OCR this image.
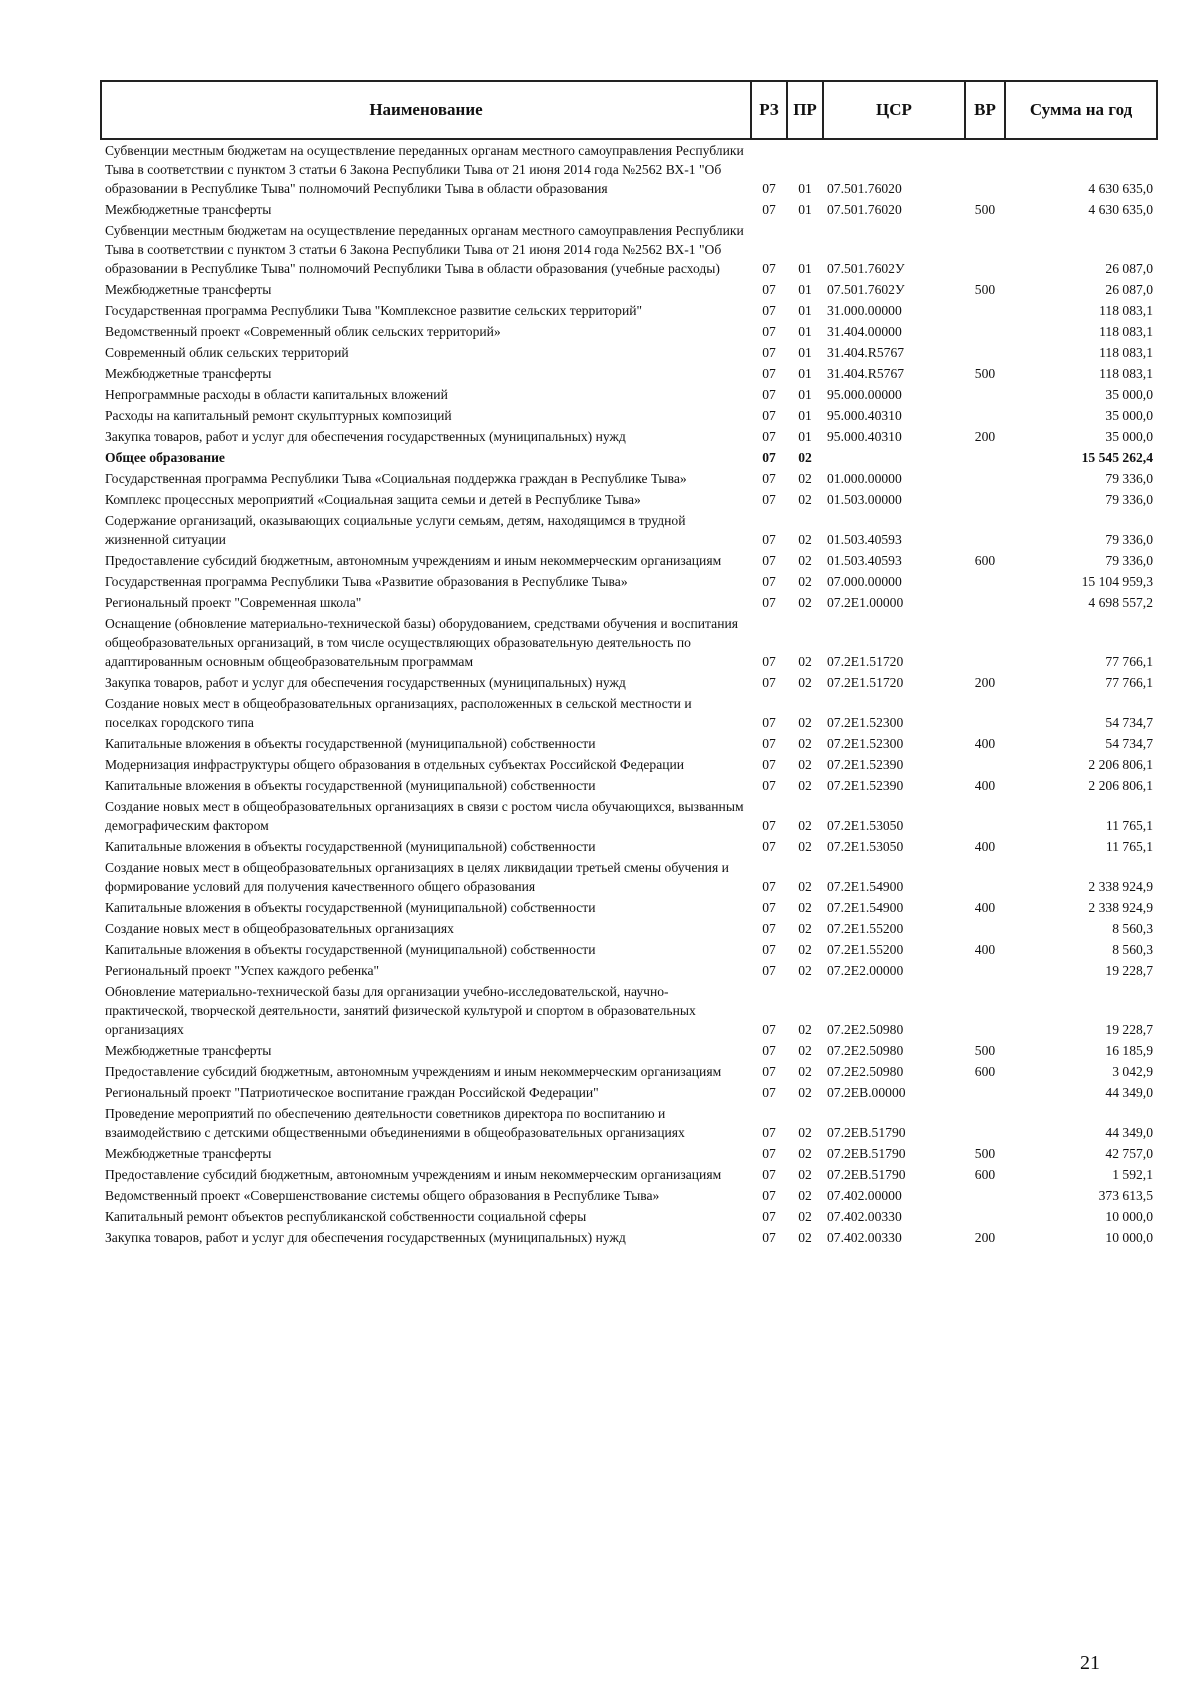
Наименование	РЗ	ПР	ЦСР	ВР	Сумма на год
Субвенции местным бюджетам на осуществление переданных органам местного самоуправления Республики Тыва в соответствии с пунктом 3 статьи 6 Закона Республики Тыва от 21 июня 2014 года №2562 ВХ-1 "Об образовании в Республике Тыва" полномочий Республики Тыва в области образования	07	01	07.501.76020		4 630 635,0
Межбюджетные трансферты	07	01	07.501.76020	500	4 630 635,0
Субвенции местным бюджетам на осуществление переданных органам местного самоуправления Республики Тыва в соответствии с пунктом 3 статьи 6 Закона Республики Тыва от 21 июня 2014 года №2562 ВХ-1 "Об образовании в Республике Тыва" полномочий Республики Тыва в области образования (учебные расходы)	07	01	07.501.7602У		26 087,0
Межбюджетные трансферты	07	01	07.501.7602У	500	26 087,0
Государственная программа Республики Тыва "Комплексное развитие сельских территорий"	07	01	31.000.00000		118 083,1
Ведомственный проект «Современный облик сельских территорий»	07	01	31.404.00000		118 083,1
Современный облик сельских территорий	07	01	31.404.R5767		118 083,1
Межбюджетные трансферты	07	01	31.404.R5767	500	118 083,1
Непрограммные расходы в области капитальных вложений	07	01	95.000.00000		35 000,0
Расходы на капитальный ремонт скульптурных композиций	07	01	95.000.40310		35 000,0
Закупка товаров, работ и услуг для обеспечения государственных (муниципальных) нужд	07	01	95.000.40310	200	35 000,0
Общее образование	07	02			15 545 262,4
Государственная программа Республики Тыва «Социальная поддержка граждан в Республике Тыва»	07	02	01.000.00000		79 336,0
Комплекс процессных мероприятий «Социальная защита семьи и детей в Республике Тыва»	07	02	01.503.00000		79 336,0
Содержание организаций, оказывающих социальные услуги семьям, детям, находящимся в трудной жизненной ситуации	07	02	01.503.40593		79 336,0
Предоставление субсидий бюджетным, автономным учреждениям и иным некоммерческим организациям	07	02	01.503.40593	600	79 336,0
Государственная программа Республики Тыва «Развитие образования в Республике Тыва»	07	02	07.000.00000		15 104 959,3
Региональный проект "Современная школа"	07	02	07.2Е1.00000		4 698 557,2
Оснащение (обновление материально-технической базы) оборудованием, средствами обучения и воспитания общеобразовательных организаций, в том числе осуществляющих образовательную деятельность по адаптированным основным общеобразовательным программам	07	02	07.2Е1.51720		77 766,1
Закупка товаров, работ и услуг для обеспечения государственных (муниципальных) нужд	07	02	07.2Е1.51720	200	77 766,1
Создание новых мест в общеобразовательных организациях, расположенных в сельской местности и поселках городского типа	07	02	07.2Е1.52300		54 734,7
Капитальные вложения в объекты государственной (муниципальной) собственности	07	02	07.2Е1.52300	400	54 734,7
Модернизация инфраструктуры общего образования в отдельных субъектах Российской Федерации	07	02	07.2Е1.52390		2 206 806,1
Капитальные вложения в объекты государственной (муниципальной) собственности	07	02	07.2Е1.52390	400	2 206 806,1
Создание новых мест в общеобразовательных организациях в связи с ростом числа обучающихся, вызванным демографическим фактором	07	02	07.2Е1.53050		11 765,1
Капитальные вложения в объекты государственной (муниципальной) собственности	07	02	07.2Е1.53050	400	11 765,1
Создание новых мест в общеобразовательных организациях в целях ликвидации третьей смены обучения и формирование условий для получения качественного общего образования	07	02	07.2Е1.54900		2 338 924,9
Капитальные вложения в объекты государственной (муниципальной) собственности	07	02	07.2Е1.54900	400	2 338 924,9
Создание новых мест в общеобразовательных организациях	07	02	07.2Е1.55200		8 560,3
Капитальные вложения в объекты государственной (муниципальной) собственности	07	02	07.2Е1.55200	400	8 560,3
Региональный проект "Успех каждого ребенка"	07	02	07.2Е2.00000		19 228,7
Обновление материально-технической базы для организации учебно-исследовательской, научно-практической, творческой деятельности, занятий физической культурой и спортом в образовательных организациях	07	02	07.2Е2.50980		19 228,7
Межбюджетные трансферты	07	02	07.2Е2.50980	500	16 185,9
Предоставление субсидий бюджетным, автономным учреждениям и иным некоммерческим организациям	07	02	07.2Е2.50980	600	3 042,9
Региональный проект "Патриотическое воспитание граждан Российской Федерации"	07	02	07.2ЕВ.00000		44 349,0
Проведение мероприятий по обеспечению деятельности советников директора по воспитанию и взаимодействию с детскими общественными объединениями в общеобразовательных организациях	07	02	07.2ЕВ.51790		44 349,0
Межбюджетные трансферты	07	02	07.2ЕВ.51790	500	42 757,0
Предоставление субсидий бюджетным, автономным учреждениям и иным некоммерческим организациям	07	02	07.2ЕВ.51790	600	1 592,1
Ведомственный проект «Совершенствование системы общего образования в Республике Тыва»	07	02	07.402.00000		373 613,5
Капитальный ремонт объектов республиканской собственности социальной сферы	07	02	07.402.00330		10 000,0
Закупка товаров, работ и услуг для обеспечения государственных (муниципальных) нужд	07	02	07.402.00330	200	10 000,0
21
